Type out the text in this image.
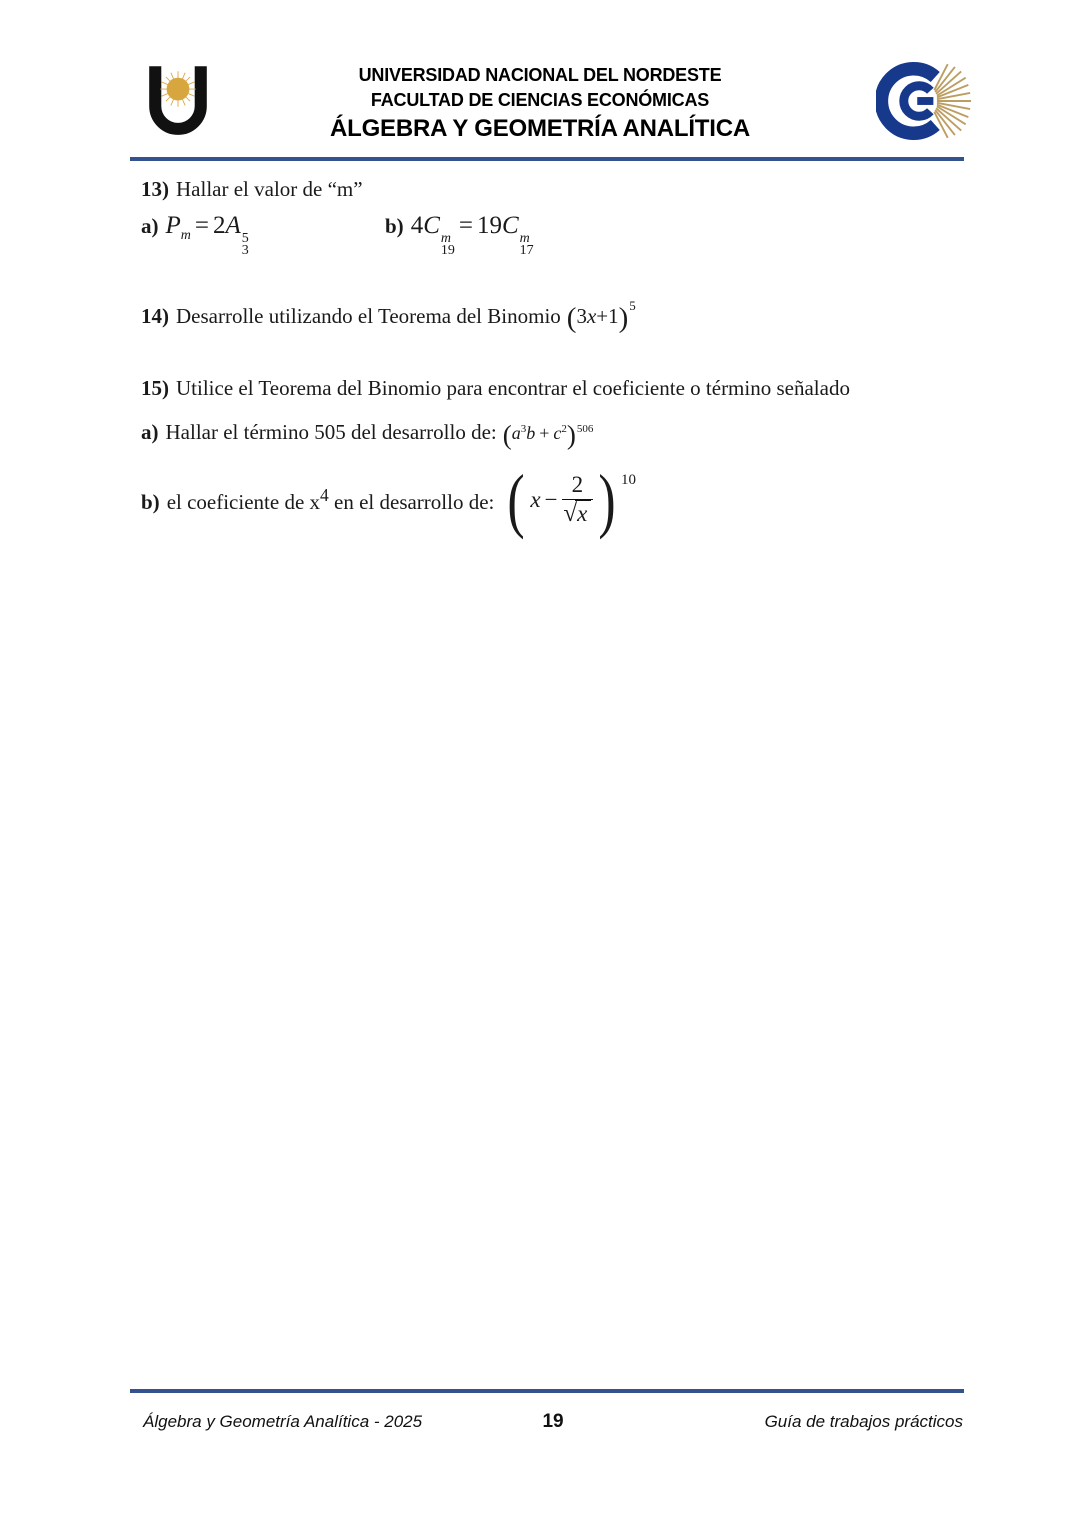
UNIVERSIDAD NACIONAL DEL NORDESTE
FACULTAD DE CIENCIAS ECONÓMICAS
ÁLGEBRA Y GEOMETRÍA ANALÍTICA
13) Hallar el valor de “m”
a) $P_m = 2A$ 5
3
b) 4C m
19
= 19C m
17
14) Desarrolle utilizando el Teorema del Binomio $(3x+1)^5$
15) Utilice el Teorema del Binomio para encontrar el coeficiente o término señalado
a) Hallar el término 505 del desarrollo de: $(a^3b + c^2)^{506}$
b) el coeficiente de $x^4$ en el desarrollo de: ( $x - \frac{2}{√x}$ ) $^{10}$
Álgebra y Geometría Analítica - 2025	19	Guía de trabajos prácticos
